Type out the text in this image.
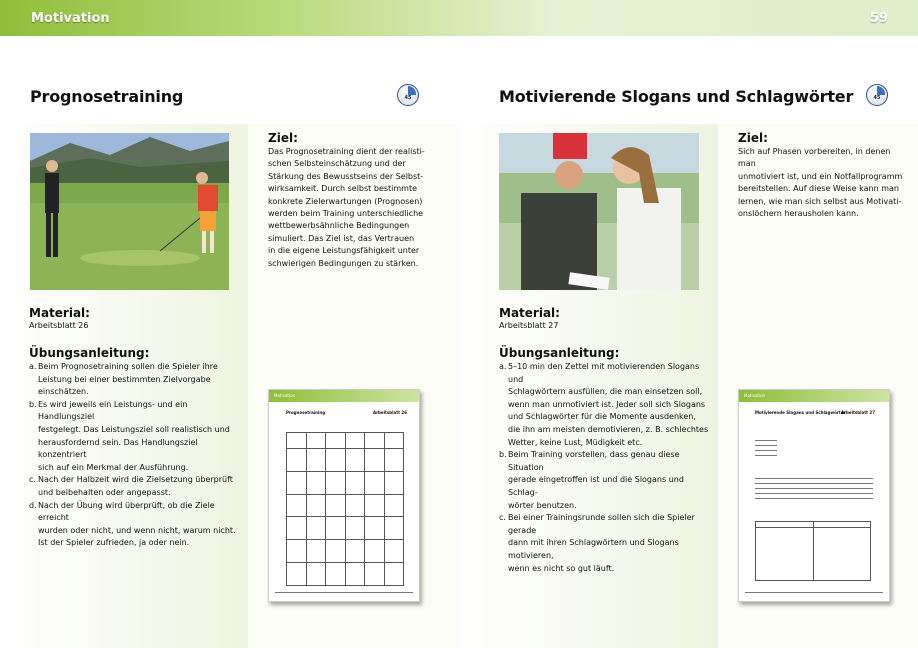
Motivation	59
Prognosetraining	45
Ziel:
Das Prognosetraining dient der realisti-
schen Selbsteinschätzung und der
Stärkung des Bewusstseins der Selbst-
wirksamkeit. Durch selbst bestimmte
konkrete Zielerwartungen (Prognosen)
werden beim Training unterschiedliche
wettbewerbsähnliche Bedingungen
simuliert. Das Ziel ist, das Vertrauen
in die eigene Leistungsfähigkeit unter
schwierigen Bedingungen zu stärken.
Material:
Arbeitsblatt 26
Übungsanleitung:
a. Beim Prognosetraining sollen die Spieler ihre
Leistung bei einer bestimmten Zielvorgabe
einschätzen.
b. Es wird jeweils ein Leistungs- und ein Handlungsziel
festgelegt. Das Leistungsziel soll realistisch und
herausfordernd sein. Das Handlungsziel konzentriert
sich auf ein Merkmal der Ausführung.
c. Nach der Halbzeit wird die Zielsetzung überprüft
und beibehalten oder angepasst.
d. Nach der Übung wird überprüft, ob die Ziele erreicht
wurden oder nicht, und wenn nicht, warum nicht.
Ist der Spieler zufrieden, ja oder nein.
Motivation
Prognosetraining	Arbeitsblatt 26

Motivierende Slogans und Schlagwörter	45
Ziel:
Sich auf Phasen vorbereiten, in denen man
unmotiviert ist, und ein Notfallprogramm
bereitstellen. Auf diese Weise kann man
lernen, wie man sich selbst aus Motivati-
onslöchern herausholen kann.
Material:
Arbeitsblatt 27
Übungsanleitung:
a. 5–10 min den Zettel mit motivierenden Slogans und
Schlagwörtern ausfüllen, die man einsetzen soll,
wenn man unmotiviert ist. Jeder soll sich Slogans
und Schlagwörter für die Momente ausdenken,
die ihn am meisten demotivieren, z. B. schlechtes
Wetter, keine Lust, Müdigkeit etc.
b. Beim Training vorstellen, dass genau diese Situation
gerade eingetroffen ist und die Slogans und Schlag-
wörter benutzen.
c. Bei einer Trainingsrunde sollen sich die Spieler gerade
dann mit ihren Schlagwörtern und Slogans motivieren,
wenn es nicht so gut läuft.
Motivation
Motivierende Slogans und Schlagwörter
Arbeitsblatt 27
